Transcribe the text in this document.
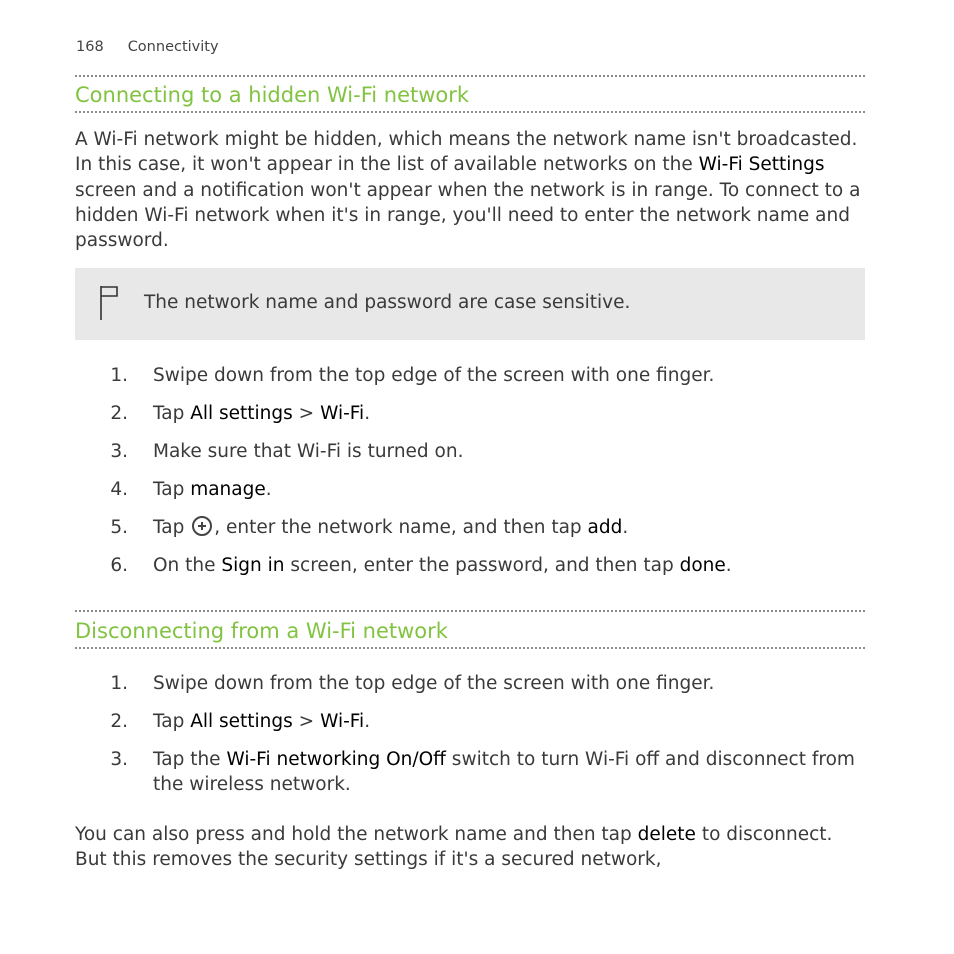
168 Connectivity
Connecting to a hidden Wi-Fi network

A Wi-Fi network might be hidden, which means the network name isn't broadcasted. In this case, it won't appear in the list of available networks on the Wi-Fi Settings screen and a notification won't appear when the network is in range. To connect to a hidden Wi-Fi network when it's in range, you'll need to enter the network name and password.

The network name and password are case sensitive.
1. Swipe down from the top edge of the screen with one finger.
2. Tap All settings > Wi-Fi.
3. Make sure that Wi-Fi is turned on.
4. Tap manage.
5. Tap , enter the network name, and then tap add.
6. On the Sign in screen, enter the password, and then tap done.
Disconnecting from a Wi-Fi network
1. Swipe down from the top edge of the screen with one finger.
2. Tap All settings > Wi-Fi.
3. Tap the Wi-Fi networking On/Off switch to turn Wi-Fi off and disconnect from the wireless network.

You can also press and hold the network name and then tap delete to disconnect. But this removes the security settings if it's a secured network,
